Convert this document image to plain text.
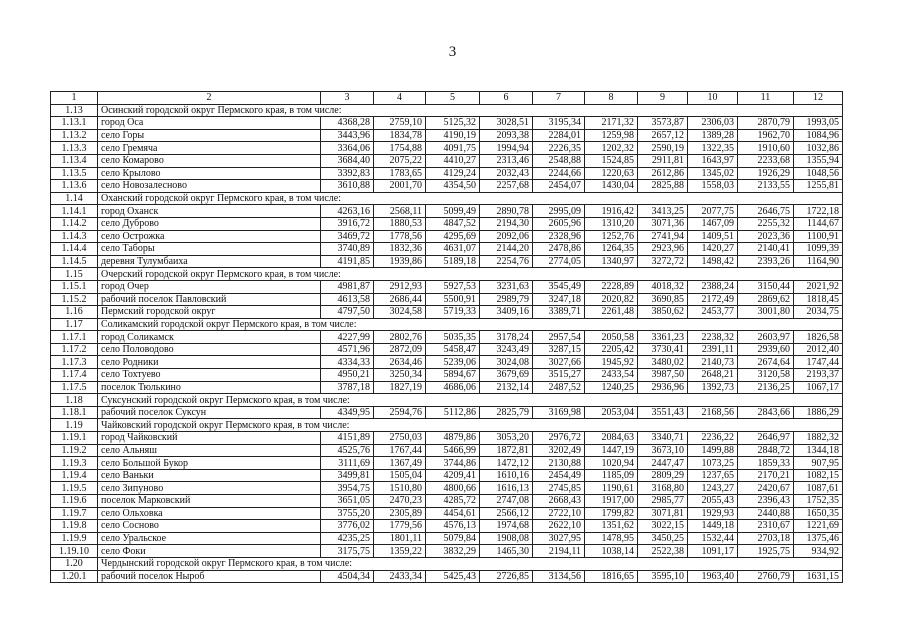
3
1	2	3	4	5	6	7	8	9	10	11	12
1.13	Осинский городской округ Пермского края, в том числе:										
1.13.1	город Оса	4368,28	2759,10	5125,32	3028,51	3195,34	2171,32	3573,87	2306,03	2870,79	1993,05
1.13.2	село Горы	3443,96	1834,78	4190,19	2093,38	2284,01	1259,98	2657,12	1389,28	1962,70	1084,96
1.13.3	село Гремяча	3364,06	1754,88	4091,75	1994,94	2226,35	1202,32	2590,19	1322,35	1910,60	1032,86
1.13.4	село Комарово	3684,40	2075,22	4410,27	2313,46	2548,88	1524,85	2911,81	1643,97	2233,68	1355,94
1.13.5	село Крылово	3392,83	1783,65	4129,24	2032,43	2244,66	1220,63	2612,86	1345,02	1926,29	1048,56
1.13.6	село Новозалесново	3610,88	2001,70	4354,50	2257,68	2454,07	1430,04	2825,88	1558,03	2133,55	1255,81
1.14	Оханский городской округ Пермского края, в том числе:										
1.14.1	город Оханск	4263,16	2568,11	5099,49	2890,78	2995,09	1916,42	3413,25	2077,75	2646,75	1722,18
1.14.2	село Дуброво	3916,72	1880,53	4847,52	2194,30	2605,96	1310,20	3071,36	1467,09	2255,32	1144,67
1.14.3	село Острожка	3469,72	1778,56	4295,69	2092,06	2328,96	1252,76	2741,94	1409,51	2023,36	1100,91
1.14.4	село Таборы	3740,89	1832,36	4631,07	2144,20	2478,86	1264,35	2923,96	1420,27	2140,41	1099,39
1.14.5	деревня Тулумбаиха	4191,85	1939,86	5189,18	2254,76	2774,05	1340,97	3272,72	1498,42	2393,26	1164,90
1.15	Очерский городской округ Пермского края, в том числе:										
1.15.1	город Очер	4981,87	2912,93	5927,53	3231,63	3545,49	2228,89	4018,32	2388,24	3150,44	2021,92
1.15.2	рабочий поселок Павловский	4613,58	2686,44	5500,91	2989,79	3247,18	2020,82	3690,85	2172,49	2869,62	1818,45
1.16	Пермский городской округ	4797,50	3024,58	5719,33	3409,16	3389,71	2261,48	3850,62	2453,77	3001,80	2034,75
1.17	Соликамский городской округ Пермского края, в том числе:										
1.17.1	город Соликамск	4227,99	2802,76	5035,35	3178,24	2957,54	2050,58	3361,23	2238,32	2603,97	1826,58
1.17.2	село Половодово	4571,96	2872,09	5458,47	3243,49	3287,15	2205,42	3730,41	2391,11	2939,60	2012,40
1.17.3	село Родники	4334,33	2634,46	5239,06	3024,08	3027,66	1945,92	3480,02	2140,73	2674,64	1747,44
1.17.4	село Тохтуево	4950,21	3250,34	5894,67	3679,69	3515,27	2433,54	3987,50	2648,21	3120,58	2193,37
1.17.5	поселок Тюлькино	3787,18	1827,19	4686,06	2132,14	2487,52	1240,25	2936,96	1392,73	2136,25	1067,17
1.18	Суксунский городской округ Пермского края, в том числе:										
1.18.1	рабочий поселок Суксун	4349,95	2594,76	5112,86	2825,79	3169,98	2053,04	3551,43	2168,56	2843,66	1886,29
1.19	Чайковский городской округ Пермского края, в том числе:										
1.19.1	город Чайковский	4151,89	2750,03	4879,86	3053,20	2976,72	2084,63	3340,71	2236,22	2646,97	1882,32
1.19.2	село Альняш	4525,76	1767,44	5466,99	1872,81	3202,49	1447,19	3673,10	1499,88	2848,72	1344,18
1.19.3	село Большой Букор	3111,69	1367,49	3744,86	1472,12	2130,88	1020,94	2447,47	1073,25	1859,33	907,95
1.19.4	село Ваньки	3499,81	1505,04	4209,41	1610,16	2454,49	1185,09	2809,29	1237,65	2170,21	1082,15
1.19.5	село Зипуново	3954,75	1510,80	4800,66	1616,13	2745,85	1190,61	3168,80	1243,27	2420,67	1087,61
1.19.6	поселок Марковский	3651,05	2470,23	4285,72	2747,08	2668,43	1917,00	2985,77	2055,43	2396,43	1752,35
1.19.7	село Ольховка	3755,20	2305,89	4454,61	2566,12	2722,10	1799,82	3071,81	1929,93	2440,88	1650,35
1.19.8	село Сосново	3776,02	1779,56	4576,13	1974,68	2622,10	1351,62	3022,15	1449,18	2310,67	1221,69
1.19.9	село Уральское	4235,25	1801,11	5079,84	1908,08	3027,95	1478,95	3450,25	1532,44	2703,18	1375,46
1.19.10	село Фоки	3175,75	1359,22	3832,29	1465,30	2194,11	1038,14	2522,38	1091,17	1925,75	934,92
1.20	Чердынский городской округ Пермского края, в том числе:										
1.20.1	рабочий поселок Ныроб	4504,34	2433,34	5425,43	2726,85	3134,56	1816,65	3595,10	1963,40	2760,79	1631,15
